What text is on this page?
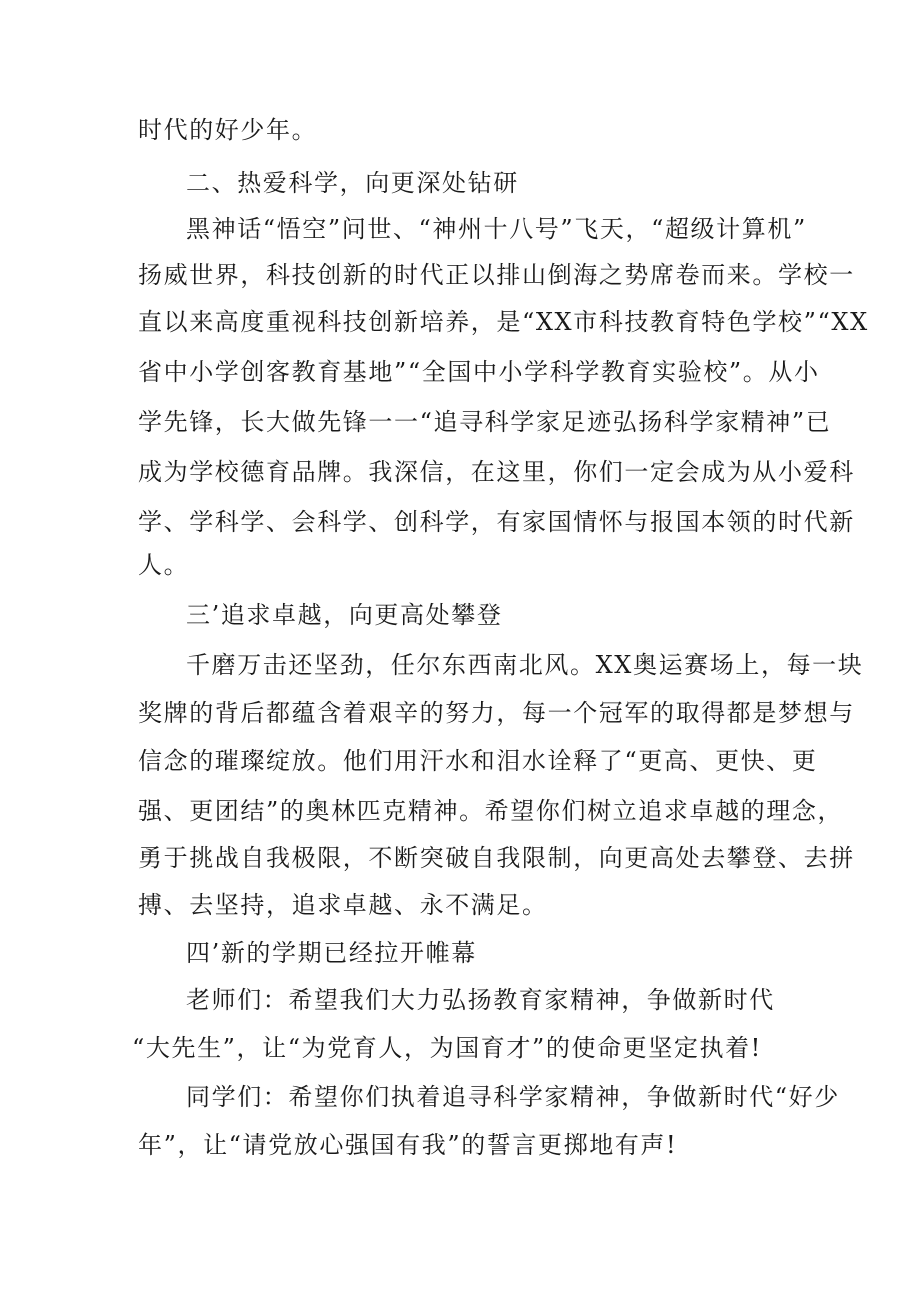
时代的好少年。
二、热爱科学，向更深处钻研
黑神话“悟空”问世、“神州十八号”飞天，“超级计算机”
扬威世界，科技创新的时代正以排山倒海之势席卷而来。学校一
直以来高度重视科技创新培养，是“XX市科技教育特色学校”“XX
省中小学创客教育基地”“全国中小学科学教育实验校”。从小
学先锋，长大做先锋一一“追寻科学家足迹弘扬科学家精神”已
成为学校德育品牌。我深信，在这里，你们一定会成为从小爱科
学、学科学、会科学、创科学，有家国情怀与报国本领的时代新
人。
三’追求卓越，向更高处攀登
千磨万击还坚劲，任尔东西南北风。XX奥运赛场上，每一块
奖牌的背后都蕴含着艰辛的努力，每一个冠军的取得都是梦想与
信念的璀璨绽放。他们用汗水和泪水诠释了“更高、更快、更
强、更团结”的奥林匹克精神。希望你们树立追求卓越的理念，
勇于挑战自我极限，不断突破自我限制，向更高处去攀登、去拼
搏、去坚持，追求卓越、永不满足。
四’新的学期已经拉开帷幕
老师们：希望我们大力弘扬教育家精神，争做新时代
“大先生”，让“为党育人，为国育才”的使命更坚定执着!
同学们：希望你们执着追寻科学家精神，争做新时代“好少
年”，让“请党放心强国有我”的誓言更掷地有声!
